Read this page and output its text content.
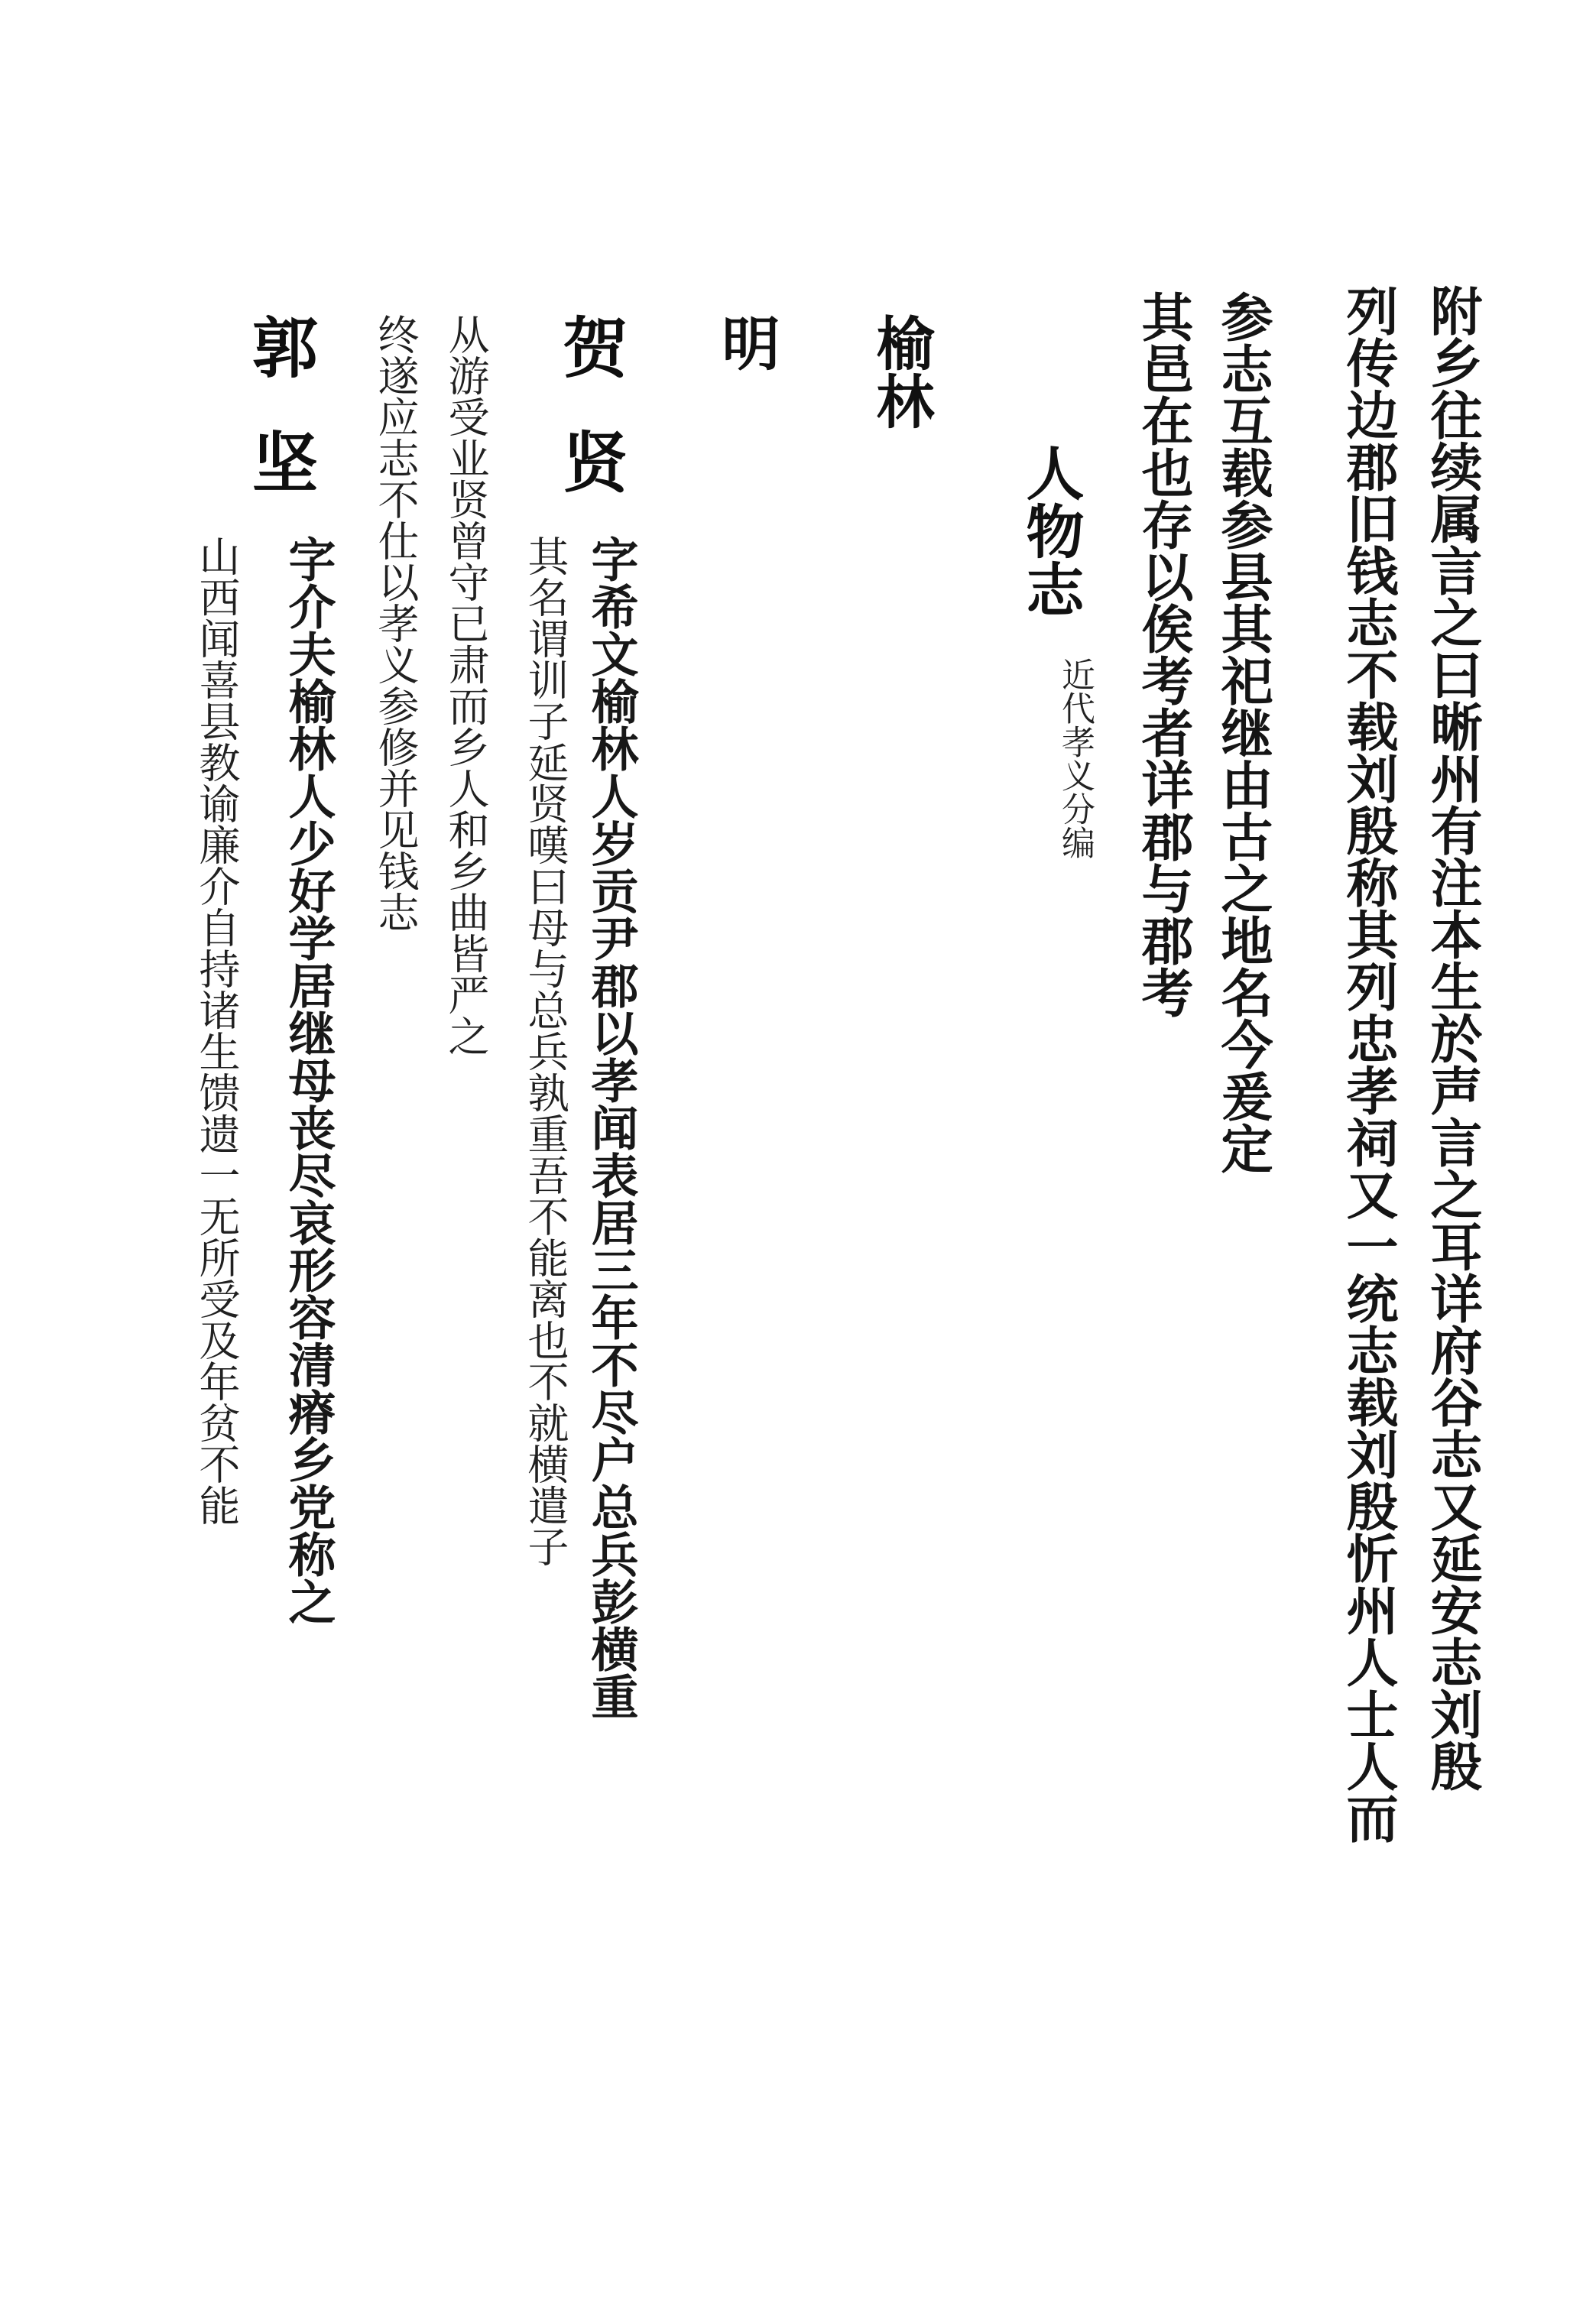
附乡往续属言之曰晰州有注本生於声言之耳详府谷志又延安志刘殷
列传边郡旧钱志不载刘殷称其列忠孝祠又一统志载刘殷忻州人士人而
参志互载参县其祀继由古之地名今爰定
其邑在也存以俟考者详郡与郡考
人物志
近代孝义分编
榆林
明
贺
贤
字希文榆林人岁贡尹郡以孝闻表居三年不尽户总兵彭横重
其名谓训子延贤嘆曰母与总兵孰重吾不能离也不就横遣子
从游受业贤曾守已肃而乡人和乡曲皆严之
终遂应志不仕以孝义参修并见钱志
郭
坚
字介夫榆林人少好学居继母丧尽哀形容清瘠乡党称之
山西闻喜县教谕廉介自持诸生馈遗一无所受及年贫不能
